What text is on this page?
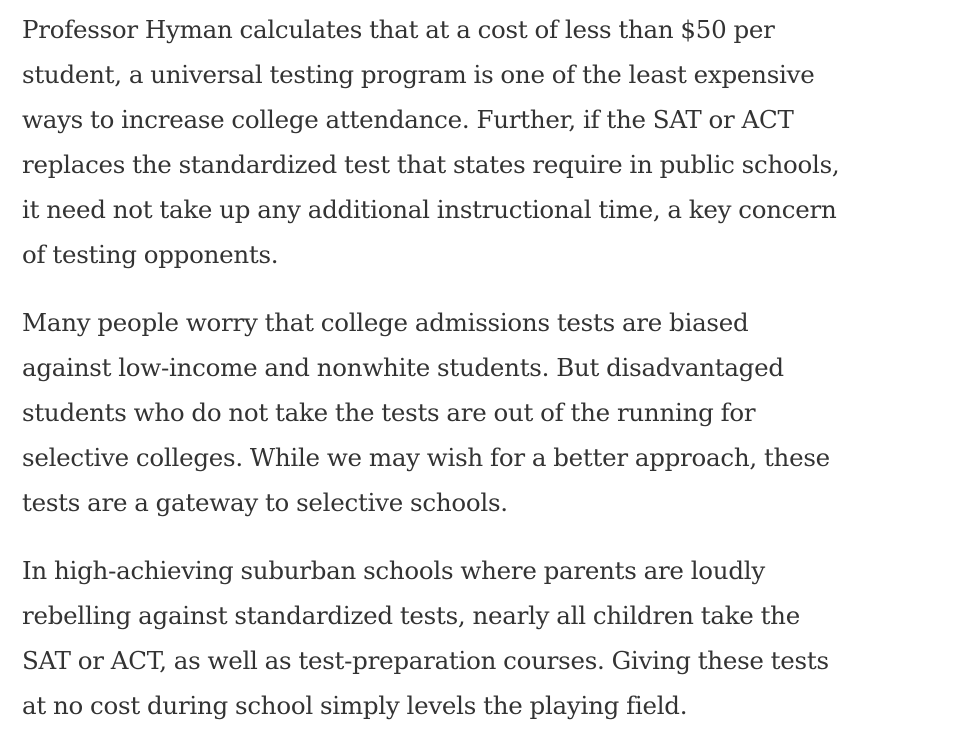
Professor Hyman calculates that at a cost of less than $50 per
student, a universal testing program is one of the least expensive
ways to increase college attendance. Further, if the SAT or ACT
replaces the standardized test that states require in public schools,
it need not take up any additional instructional time, a key concern
of testing opponents.

Many people worry that college admissions tests are biased
against low-income and nonwhite students. But disadvantaged
students who do not take the tests are out of the running for
selective colleges. While we may wish for a better approach, these
tests are a gateway to selective schools.

In high-achieving suburban schools where parents are loudly
rebelling against standardized tests, nearly all children take the
SAT or ACT, as well as test-preparation courses. Giving these tests
at no cost during school simply levels the playing field.
